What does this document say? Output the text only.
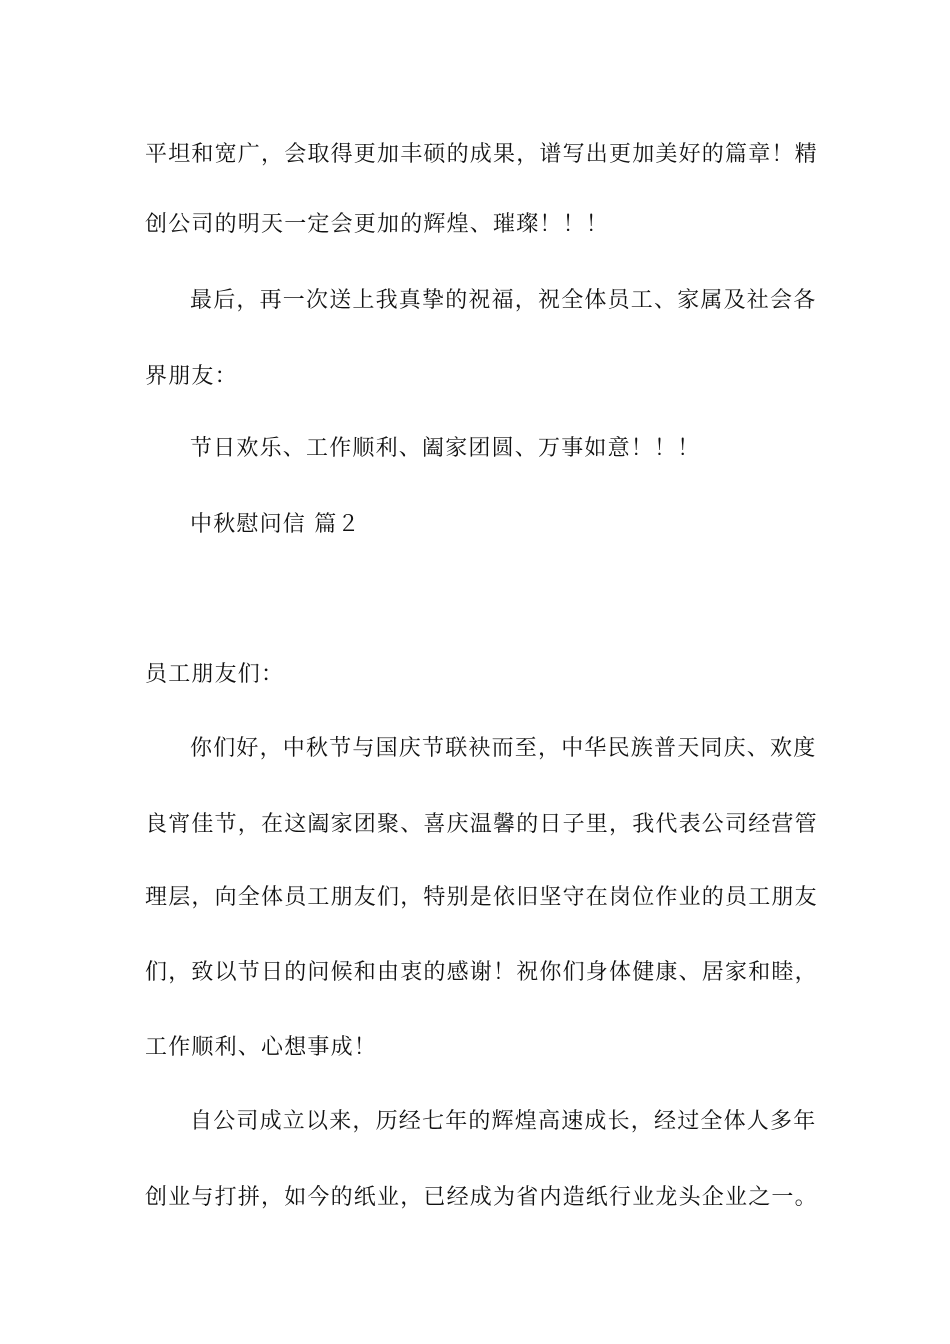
平坦和宽广，会取得更加丰硕的成果，谱写出更加美好的篇章！精
创公司的明天一定会更加的辉煌、璀璨！！！
最后，再一次送上我真挚的祝福，祝全体员工、家属及社会各
界朋友：
节日欢乐、工作顺利、阖家团圆、万事如意！！！
中秋慰问信 篇２
员工朋友们：
你们好，中秋节与国庆节联袂而至，中华民族普天同庆、欢度
良宵佳节，在这阖家团聚、喜庆温馨的日子里，我代表公司经营管
理层，向全体员工朋友们，特别是依旧坚守在岗位作业的员工朋友
们，致以节日的问候和由衷的感谢！祝你们身体健康、居家和睦，
工作顺利、心想事成！
自公司成立以来，历经七年的辉煌高速成长，经过全体人多年
创业与打拼，如今的纸业，已经成为省内造纸行业龙头企业之一。
